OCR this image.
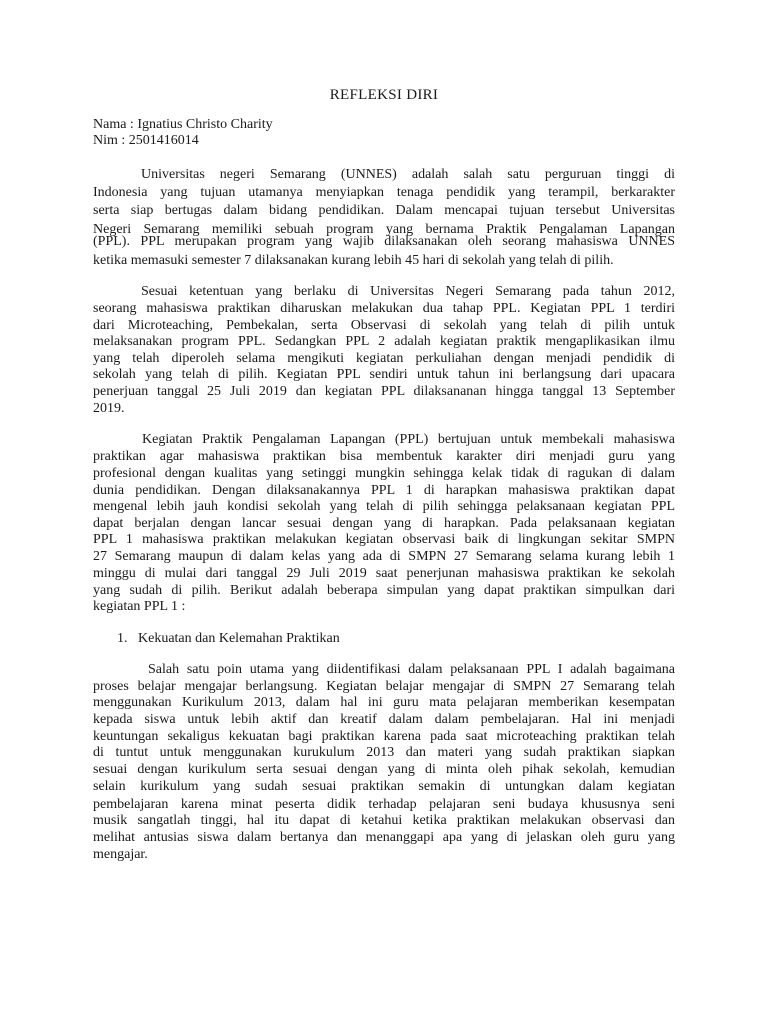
REFLEKSI DIRI
Nama : Ignatius Christo Charity
Nim : 2501416014
Universitas negeri Semarang (UNNES) adalah salah satu perguruan tinggi di
Indonesia yang tujuan utamanya menyiapkan tenaga pendidik yang terampil, berkarakter
serta siap bertugas dalam bidang pendidikan. Dalam mencapai tujuan tersebut Universitas
Negeri Semarang memiliki sebuah program yang bernama Praktik Pengalaman Lapangan
(PPL). PPL merupakan program yang wajib dilaksanakan oleh seorang mahasiswa UNNES
ketika memasuki semester 7 dilaksanakan kurang lebih 45 hari di sekolah yang telah di pilih.
Sesuai ketentuan yang berlaku di Universitas Negeri Semarang pada tahun 2012,
seorang mahasiswa praktikan diharuskan melakukan dua tahap PPL. Kegiatan PPL 1 terdiri
dari Microteaching, Pembekalan, serta Observasi di sekolah yang telah di pilih untuk
melaksanakan program PPL. Sedangkan PPL 2 adalah kegiatan praktik mengaplikasikan ilmu
yang telah diperoleh selama mengikuti kegiatan perkuliahan dengan menjadi pendidik di
sekolah yang telah di pilih. Kegiatan PPL sendiri untuk tahun ini berlangsung dari upacara
penerjuan tanggal 25 Juli 2019 dan kegiatan PPL dilaksananan hingga tanggal 13 September
2019.
Kegiatan Praktik Pengalaman Lapangan (PPL) bertujuan untuk membekali mahasiswa
praktikan agar mahasiswa praktikan bisa membentuk karakter diri menjadi guru yang
profesional dengan kualitas yang setinggi mungkin sehingga kelak tidak di ragukan di dalam
dunia pendidikan. Dengan dilaksanakannya PPL 1 di harapkan mahasiswa praktikan dapat
mengenal lebih jauh kondisi sekolah yang telah di pilih sehingga pelaksanaan kegiatan PPL
dapat berjalan dengan lancar sesuai dengan yang di harapkan. Pada pelaksanaan kegiatan
PPL 1 mahasiswa praktikan melakukan kegiatan observasi baik di lingkungan sekitar SMPN
27 Semarang maupun di dalam kelas yang ada di SMPN 27 Semarang selama kurang lebih 1
minggu di mulai dari tanggal 29 Juli 2019 saat penerjunan mahasiswa praktikan ke sekolah
yang sudah di pilih. Berikut adalah beberapa simpulan yang dapat praktikan simpulkan dari
kegiatan PPL 1 :
1. Kekuatan dan Kelemahan Praktikan
Salah satu poin utama yang diidentifikasi dalam pelaksanaan PPL I adalah bagaimana
proses belajar mengajar berlangsung. Kegiatan belajar mengajar di SMPN 27 Semarang telah
menggunakan Kurikulum 2013, dalam hal ini guru mata pelajaran memberikan kesempatan
kepada siswa untuk lebih aktif dan kreatif dalam dalam pembelajaran. Hal ini menjadi
keuntungan sekaligus kekuatan bagi praktikan karena pada saat microteaching praktikan telah
di tuntut untuk menggunakan kurukulum 2013 dan materi yang sudah praktikan siapkan
sesuai dengan kurikulum serta sesuai dengan yang di minta oleh pihak sekolah, kemudian
selain kurikulum yang sudah sesuai praktikan semakin di untungkan dalam kegiatan
pembelajaran karena minat peserta didik terhadap pelajaran seni budaya khususnya seni
musik sangatlah tinggi, hal itu dapat di ketahui ketika praktikan melakukan observasi dan
melihat antusias siswa dalam bertanya dan menanggapi apa yang di jelaskan oleh guru yang
mengajar.
